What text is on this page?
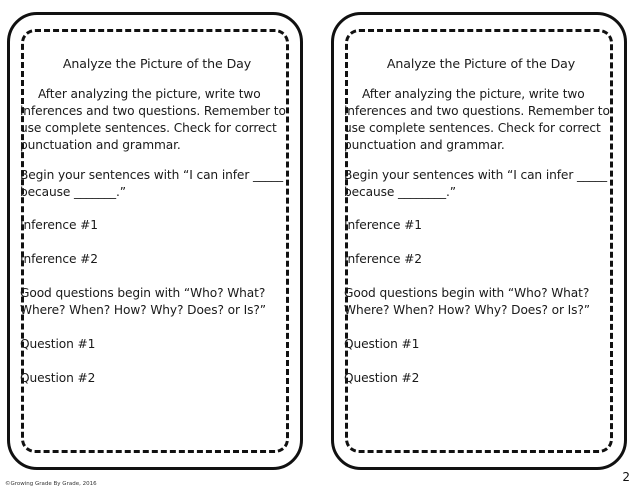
Analyze the Picture of the Day
After analyzing the picture, write two inferences and two questions. Remember to use complete sentences. Check for correct punctuation and grammar.
Begin your sentences with “I can infer _____ because _______.”
Inference #1
Inference #2
Good questions begin with “Who? What? Where? When? How? Why? Does? or Is?”
Question #1
Question #2
Analyze the Picture of the Day
After analyzing the picture, write two inferences and two questions. Remember to use complete sentences. Check for correct punctuation and grammar.
Begin your sentences with “I can infer _____ because ________.”
Inference #1
Inference #2
Good questions begin with “Who? What? Where? When? How? Why? Does? or Is?”
Question #1
Question #2
©Growing Grade By Grade, 2016	2
